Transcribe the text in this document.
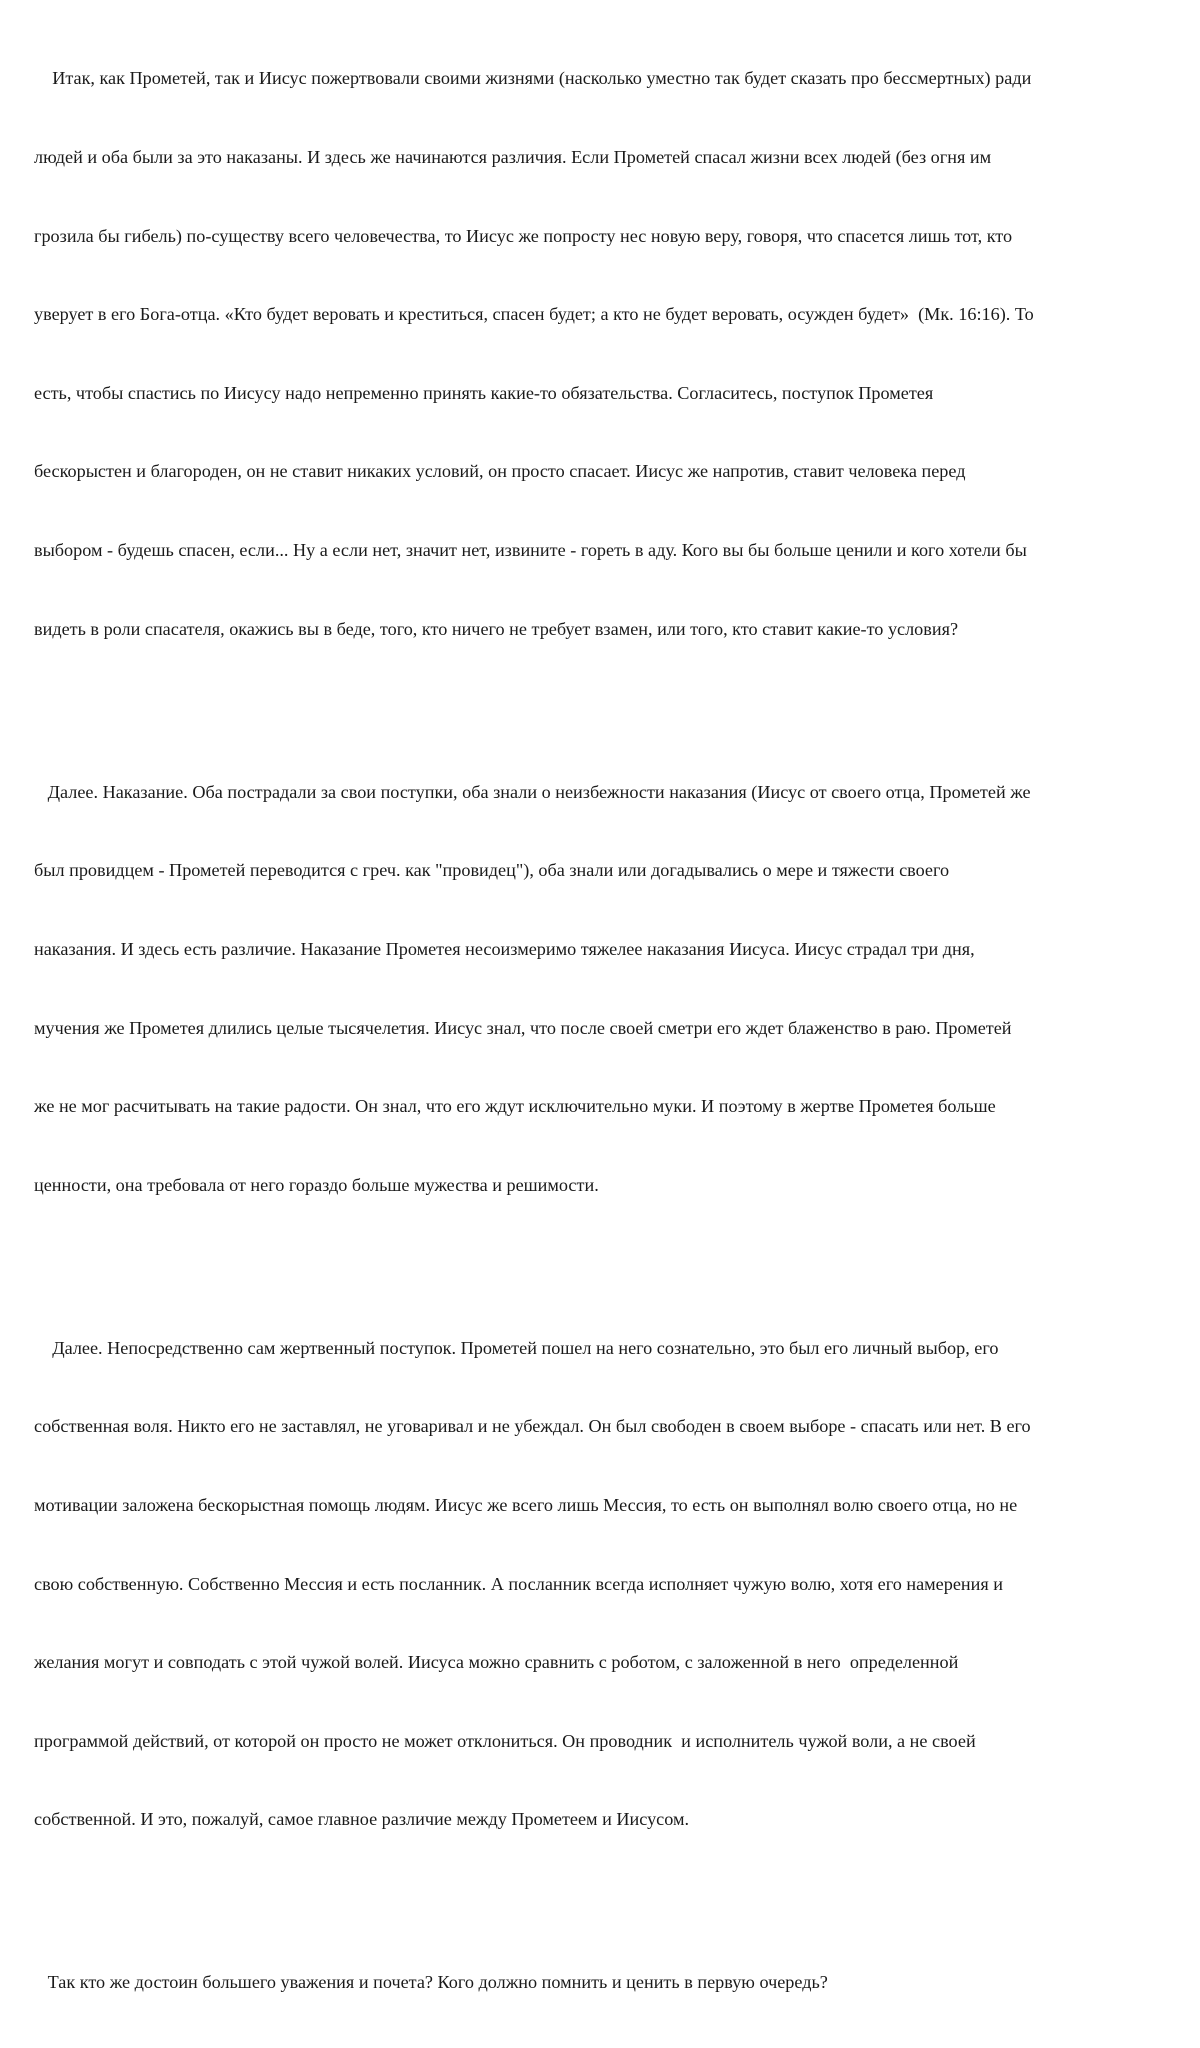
Итак, как Прометей, так и Иисус пожертвовали своими жизнями (насколько уместно так будет сказать про бессмертных) ради

людей и оба были за это наказаны. И здесь же начинаются различия. Если Прометей спасал жизни всех людей (без огня им

грозила бы гибель) по-существу всего человечества, то Иисус же попросту нес новую веру, говоря, что спасется лишь тот, кто

уверует в его Бога-отца. «Кто будет веровать и креститься, спасен будет; а кто не будет веровать, осужден будет»  (Мк. 16:16). То

есть, чтобы спастись по Иисусу надо непременно принять какие-то обязательства. Согласитесь, поступок Прометея

бескорыстен и благороден, он не ставит никаких условий, он просто спасает. Иисус же напротив, ставит человека перед

выбором - будешь спасен, если... Ну а если нет, значит нет, извините - гореть в аду. Кого вы бы больше ценили и кого хотели бы

видеть в роли спасателя, окажись вы в беде, того, кто ничего не требует взамен, или того, кто ставит какие-то условия?

Далее. Наказание. Оба пострадали за свои поступки, оба знали о неизбежности наказания (Иисус от своего отца, Прометей же

был провидцем - Прометей переводится с греч. как "провидец"), оба знали или догадывались о мере и тяжести своего

наказания. И здесь есть различие. Наказание Прометея несоизмеримо тяжелее наказания Иисуса. Иисус страдал три дня,

мучения же Прометея длились целые тысячелетия. Иисус знал, что после своей сметри его ждет блаженство в раю. Прометей

же не мог расчитывать на такие радости. Он знал, что его ждут исключительно муки. И поэтому в жертве Прометея больше

ценности, она требовала от него гораздо больше мужества и решимости.

Далее. Непосредственно сам жертвенный поступок. Прометей пошел на него сознательно, это был его личный выбор, его

собственная воля. Никто его не заставлял, не уговаривал и не убеждал. Он был свободен в своем выборе - спасать или нет. В его

мотивации заложена бескорыстная помощь людям. Иисус же всего лишь Мессия, то есть он выполнял волю своего отца, но не

свою собственную. Собственно Мессия и есть посланник. А посланник всегда исполняет чужую волю, хотя его намерения и

желания могут и совподать с этой чужой волей. Иисуса можно сравнить с роботом, с заложенной в него  определенной

программой действий, от которой он просто не может отклониться. Он проводник  и исполнитель чужой воли, а не своей

собственной. И это, пожалуй, самое главное различие между Прометеем и Иисусом.

Так кто же достоин большего уважения и почета? Кого должно помнить и ценить в первую очередь?
